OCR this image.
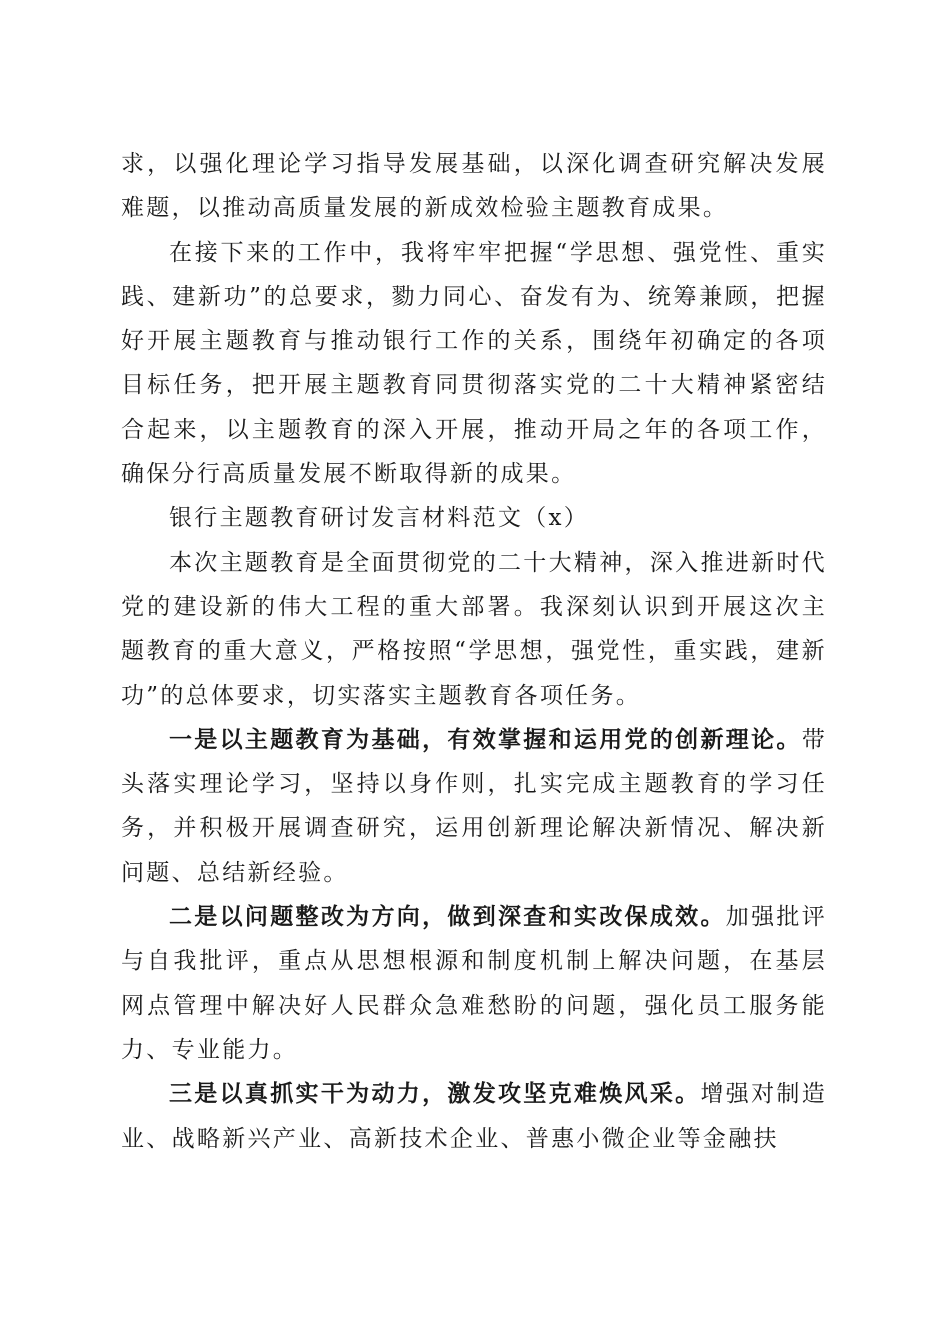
求，以强化理论学习指导发展基础，以深化调查研究解决发展难题，以推动高质量发展的新成效检验主题教育成果。

在接下来的工作中，我将牢牢把握“学思想、强党性、重实践、建新功”的总要求，勠力同心、奋发有为、统筹兼顾，把握好开展主题教育与推动银行工作的关系，围绕年初确定的各项目标任务，把开展主题教育同贯彻落实党的二十大精神紧密结合起来，以主题教育的深入开展，推动开局之年的各项工作，确保分行高质量发展不断取得新的成果。

银行主题教育研讨发言材料范文（x）

本次主题教育是全面贯彻党的二十大精神，深入推进新时代党的建设新的伟大工程的重大部署。我深刻认识到开展这次主题教育的重大意义，严格按照“学思想，强党性，重实践，建新功”的总体要求，切实落实主题教育各项任务。

一是以主题教育为基础，有效掌握和运用党的创新理论。带头落实理论学习，坚持以身作则，扎实完成主题教育的学习任务，并积极开展调查研究，运用创新理论解决新情况、解决新问题、总结新经验。

二是以问题整改为方向，做到深查和实改保成效。加强批评与自我批评，重点从思想根源和制度机制上解决问题，在基层网点管理中解决好人民群众急难愁盼的问题，强化员工服务能力、专业能力。

三是以真抓实干为动力，激发攻坚克难焕风采。增强对制造业、战略新兴产业、高新技术企业、普惠小微企业等金融扶
